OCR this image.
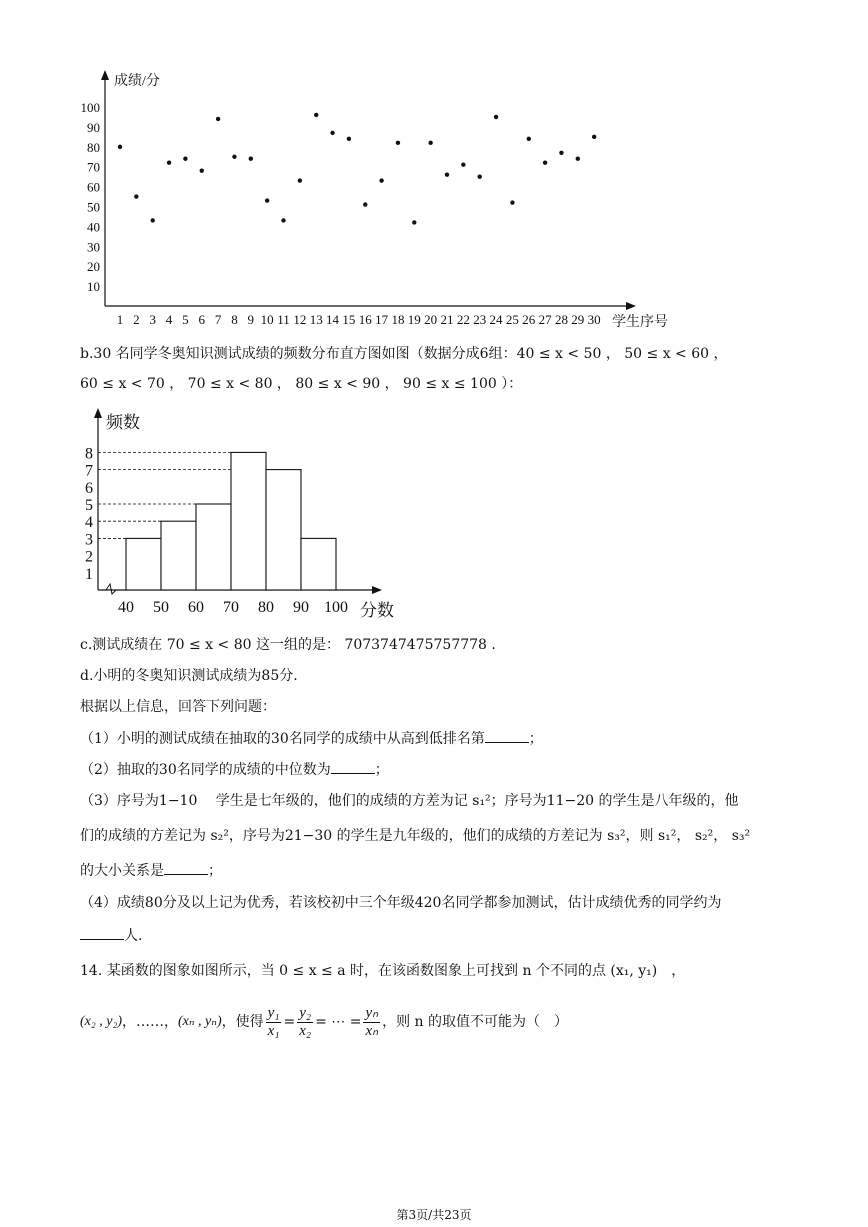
成绩/分
学生序号
100
90
80
70
60
50
40
30
20
10
1 2 3 4 5 6 7 8 9 10 11 12 13 14 15 16 17 18 19 20 21 22 23 24 25 26 27 28 29 30
b.30 名同学冬奥知识测试成绩的频数分布直方图如图（数据分成6组：40 ≤ x < 50 ， 50 ≤ x < 60 ，
60 ≤ x < 70 ， 70 ≤ x < 80 ， 80 ≤ x < 90 ， 90 ≤ x ≤ 100 ）：
频数
分数
8
7
6
5
4
3
2
1
40 50 60 70 80 90 100
c.测试成绩在 70 ≤ x < 80 这一组的是： 7073747475757778 .
d.小明的冬奥知识测试成绩为85分.
根据以上信息，回答下列问题：
（1）小明的测试成绩在抽取的30名同学的成绩中从高到低排名第	；
（2）抽取的30名同学的成绩的中位数为	；
（3）序号为1−10　 学生是七年级的，他们的成绩的方差为记 s₁²；序号为11−20 的学生是八年级的，他
们的成绩的方差记为 s₂²，序号为21−30 的学生是九年级的，他们的成绩的方差记为 s₃²，则 s₁²， s₂²， s₃²
的大小关系是	；
（4）成绩80分及以上记为优秀，若该校初中三个年级420名同学都参加测试，估计成绩优秀的同学约为
人.
14. 某函数的图象如图所示，当 0 ≤ x ≤ a 时，在该函数图象上可找到 n 个不同的点 (x₁, y₁)　，
(x₂ , y₂) ，……， (xₙ , yₙ) ，使得 $\frac{\text{y₁}}{\text{x₁}} = \frac{\text{y₂}}{\text{x₂}}$ = ⋯ = $\frac{\text{yₙ}}{\text{xₙ}}$ ，则 n 的取值不可能为（　）
第3页/共23页
